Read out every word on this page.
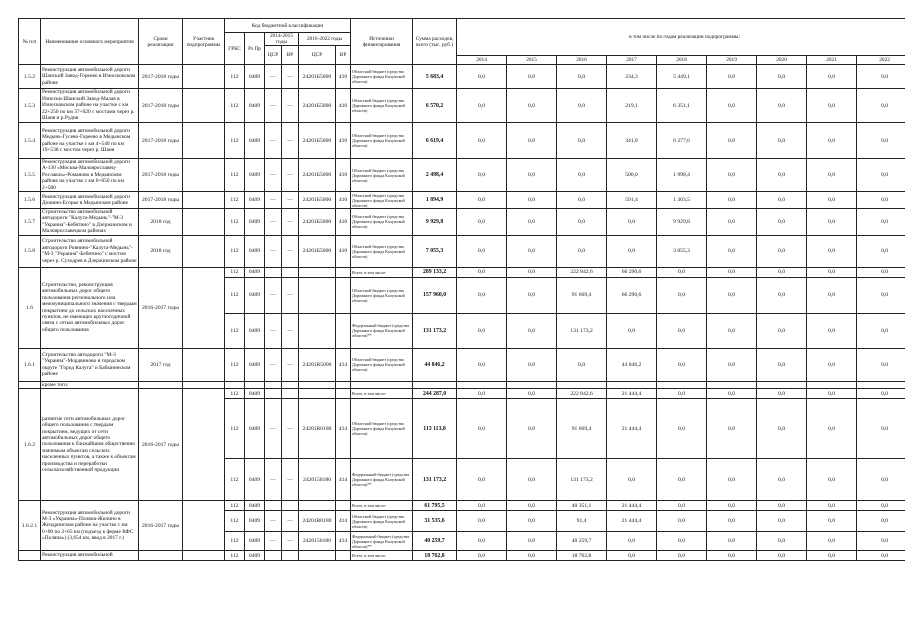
№ п/п	Наименование основного мероприятия	Сроки реализации	Участник подпрограммы	Код бюджетной классификации						Источники финансирования	Сумма расходов, всего (тыс. руб.)	в том числе по годам реализации подпрограммы:								
				ГРБС	Рз Пр	2014-2015 годы		2016-2022 годы												
						ЦСР	ВР	ЦСР	ВР											
												2014	2015	2016	2017	2018	2019	2020	2021	2022
1.5.2	Реконструкция автомобильной дороги Шанский Завод-Гореево в Износковском районе	2017-2018 годы		112	0409	—	—	24201Б5000	410	Областной бюджет (средства Дорожного фонда Калужской области)	5 683,4	0,0	0,0	0,0	234,3	5 449,1	0,0	0,0	0,0	0,0
1.5.3	Реконструкция автомобильной дороги Износки-Шанский Завод-Малая в Износковском районе на участке с км 22+250 по км 37+020 с мостами через р. Шаня и р.Рудня	2017-2018 годы		112	0409	—	—	24201Б5000	410	Областной бюджет (средства Дорожного фонда Калужской области)	6 570,2	0,0	0,0	0,0	219,1	6 351,1	0,0	0,0	0,0	0,0
1.5.4	Реконструкция автомобильной дороги Медынь-Гусево-Гореево в Медынском районе на участке с км 4+540 по км 19+538 с мостом через р. Шаня	2017-2018 годы		112	0409	—	—	24201Б5000	410	Областной бюджет (средства Дорожного фонда Калужской области)	6 619,4	0,0	0,0	0,0	341,8	6 277,6	0,0	0,0	0,0	0,0
1.5.5	Реконструкция автомобильной дороги А-130 «Москва-Малоярославец-Рославль»-Романово в Медынском районе на участке с км 0+050 по км 2+580	2017-2018 годы		112	0409	—	—	24201Б5000	410	Областной бюджет (средства Дорожного фонда Калужской области)	2 498,4	0,0	0,0	0,0	500,0	1 998,4	0,0	0,0	0,0	0,0
1.5.6	Реконструкция автомобильной дороги Дошино-Егорье в Медынском районе	2017-2018 годы		112	0409	—	—	24201Б5000	410	Областной бюджет (средства Дорожного фонда Калужской области)	1 894,9	0,0	0,0	0,0	591,4	1 303,5	0,0	0,0	0,0	0,0
1.5.7	Строительство автомобильной автодороги "Калуга-Медынь"-"М-3 "Украина"-Бебятино" в Дзержинском и Малоярославецком районах	2018 год		112	0409	—	—	24201Б5000	410	Областной бюджет (средства Дорожного фонда Калужской области)	9 929,8	0,0	0,0	0,0	0,0	9 929,8	0,0	0,0	0,0	0,0
1.5.8	Строительство автомобильной автодороги Ровнино-"Калуга-Медынь"-"М-3 "Украина"-Бебятино" с мостом через р. Суходрев в Дзержинском районе	2018 год		112	0409	—	—	24201Б5000	410	Областной бюджет (средства Дорожного фонда Калужской области)	7 055,3	0,0	0,0	0,0	0,0	3 055,3	0,0	0,0	0,0	0,0
1.6	Строительство, реконструкция автомобильных дорог общего пользования регионального или межмуниципального значения с твердым покрытием до сельских населенных пунктов, не имеющих круглогодичной связи с сетью автомобильных дорог общего пользования	2016-2017 годы		112	0409					Всего, в том числе:	289 133,2	0,0	0,0	222 842,6	66 290,6	0,0	0,0	0,0	0,0	0,0
				112	0409	—	—			Областной бюджет (средства Дорожного фонда Калужской области)	157 960,0	0,0	0,0	91 669,4	66 290,6	0,0	0,0	0,0	0,0	0,0
				112	0409	—	—			Федеральный бюджет (средства Дорожного фонда Калужской области)**	131 173,2	0,0	0,0	131 173,2	0,0	0,0	0,0	0,0	0,0	0,0
1.6.1	Строительство автодороги "М-3 "Украина"-Мордвиново в городском округе "Город Калуга" и Бабынинском районе	2017 год		112	0409	—	—	24201R5000	414	Областной бюджет (средства Дорожного фонда Калужской области)	44 846,2	0,0	0,0	0,0	44 846,2	0,0	0,0	0,0	0,0	0,0
	кроме того:																			
1.6.2	развитие сети автомобильных дорог общего пользования с твердым покрытием, ведущих от сети автомобильных дорог общего пользования к ближайшим общественно значимым объектам сельских населенных пунктов, а также к объектам производства и переработки сельскохозяйственной продукции	2016-2017 годы		112	0409					Всего, в том числе:	244 287,0	0,0	0,0	222 842,6	21 444,4	0,0	0,0	0,0	0,0	0,0
				112	0409	—	—	24201R0180	414	Областной бюджет (средства Дорожного фонда Калужской области)	113 113,8	0,0	0,0	91 669,4	21 444,4	0,0	0,0	0,0	0,0	0,0
				112	0409	—	—	2420150180	414	Федеральный бюджет (средства Дорожного фонда Калужской области)**	131 173,2	0,0	0,0	131 173,2	0,0	0,0	0,0	0,0	0,0	0,0
1.6.2.1	Реконструкция автомобильной дороги М-3 «Украина»-Поляна-Жилино в Жиздринском районе на участке с км 0+00 по 3+65 км (подъезд к ферме КФС «Поляна») (3,654 км, ввод в 2017 г.)	2016-2017 годы		112	0409					Всего, в том числе:	61 795,5	0,0	0,0	40 351,1	21 444,4	0,0	0,0	0,0	0,0	0,0
				112	0409	—	—	24201R0180	414	Областной бюджет (средства Дорожного фонда Калужской области)	31 535,6	0,0	0,0	91,4	21 444,4	0,0	0,0	0,0	0,0	0,0
				112	0409	—	—	2420150180	414	Федеральный бюджет (средства Дорожного фонда Калужской области)**	40 259,7	0,0	0,0	40 259,7	0,0	0,0	0,0	0,0	0,0	0,0
	Реконструкция автомобильной			112	0409					Всего, в том числе:	18 762,8	0,0	0,0	18 762,8	0,0	0,0	0,0	0,0	0,0	0,0
